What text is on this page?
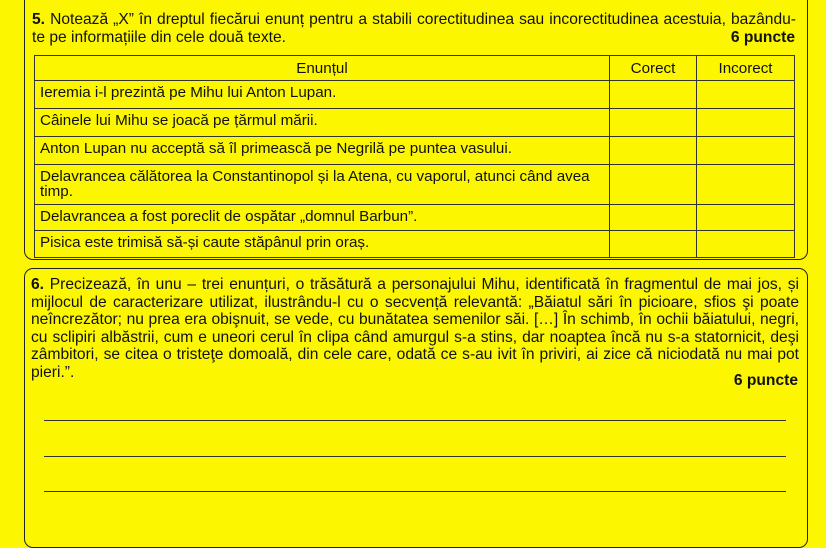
5. Notează „X” în dreptul fiecărui enunț pentru a stabili corectitudinea sau incorectitudinea acestuia, bazându-te pe informațiile din cele două texte.	6 puncte
Enunțul	Corect	Incorect
Ieremia i-l prezintă pe Mihu lui Anton Lupan.		
Câinele lui Mihu se joacă pe țărmul mării.		
Anton Lupan nu acceptă să îl primească pe Negrilă pe puntea vasului.		
Delavrancea călătorea la Constantinopol și la Atena, cu vaporul, atunci când avea timp.		
Delavrancea a fost poreclit de ospătar „domnul Barbun”.		
Pisica este trimisă să-și caute stăpânul prin oraș.		

6. Precizează, în unu – trei enunțuri, o trăsătură a personajului Mihu, identificată în fragmentul de mai jos, și mijlocul de caracterizare utilizat, ilustrându-l cu o secvență relevantă: „Băiatul sări în picioare, sfios şi poate neîncrezător; nu prea era obişnuit, se vede, cu bunătatea semenilor săi. […] În schimb, în ochii băiatului, negri, cu sclipiri albăstrii, cum e uneori cerul în clipa când amurgul s-a stins, dar noaptea încă nu s-a statornicit, deşi zâmbitori, se citea o tristeţe domoală, din cele care, odată ce s-au ivit în priviri, ai zice că niciodată nu mai pot pieri.”.	6 puncte
